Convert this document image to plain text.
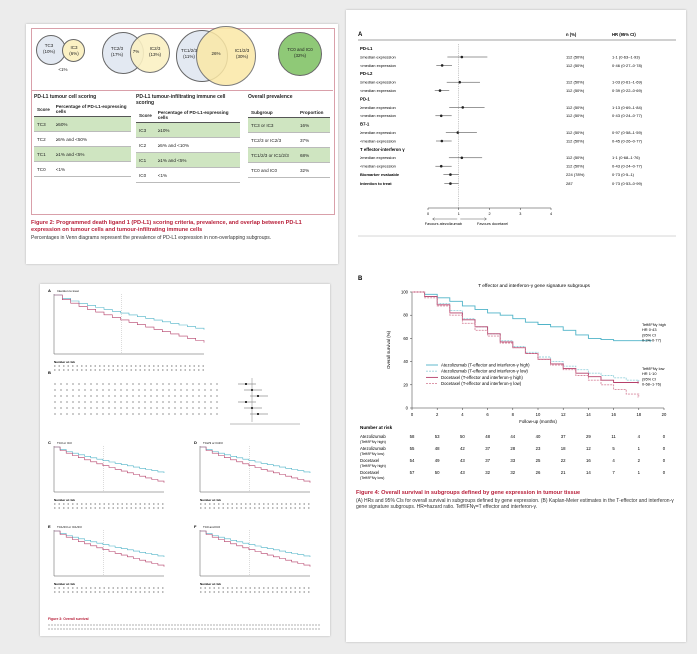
TC3
(10%)
IC3
(6%)
<1%
TC2/3
(17%)	7%
IC2/3
(13%)
TC1/2/3
(11%)	26%
IC1/2/3
(30%)
TC0 and IC0
(32%)
PD-L1 tumour cell scoring
Score	Percentage of PD-L1-expressing cells
TC3	≥50%
TC2	≥5% and <50%
TC1	≥1% and <5%
TC0	<1%
PD-L1 tumour-infiltrating immune cell scoring
Score	Percentage of PD-L1-expressing cells
IC3	≥10%
IC2	≥5% and <10%
IC1	≥1% and <5%
IC0	<1%
Overall prevalence
Subgroup	Proportion
TC3 or IC3	16%
TC2/3 or IC2/3	37%
TC1/2/3 or IC1/2/3	68%
TC0 and IC0	32%
Figure 2: Programmed death ligand 1 (PD-L1) scoring criteria, prevalence, and overlap between PD-L1 expression on tumour cells and tumour-infiltrating immune cells
Percentages in Venn diagrams represent the prevalence of PD-L1 expression in non-overlapping subgroups.
A Intention to treat
Number at risk
C TC3 or IC3
Number at risk
D TC2/3 or IC2/3
Number at risk
E TC1/2/3 or IC1/2/3
Number at risk
F TC0 and IC0
Number at risk
B
Figure 3: Overall survival
A	n (%)	HR (95% CI)
PD-L1
≥median expression	112 (50%)	1·1 (0·63–1·93)
<median expression	112 (50%)	0·46 (0·27–0·78)
PD-L2
≥median expression	112 (50%)	1·03 (0·61–1·69)
<median expression	112 (50%)	0·39 (0·22–0·69)
PD-1
≥median expression	112 (50%)	1·13 (0·69–1·84)
<median expression	112 (50%)	0·43 (0·24–0·77)
B7-1
≥median expression	112 (50%)	0·97 (0·58–1·59)
<median expression	112 (50%)	0·45 (0·26–0·77)
T effector-interferon γ
≥median expression	112 (50%)	1·1 (0·68–1·76)
<median expression	112 (50%)	0·43 (0·24–0·77)
Biomarker evaluable	224 (78%)	0·73 (0·5–1)
Intention to treat	287	0·73 (0·53–0·99)
0	1	2	3	4
Favours atezolizumab	Favours docetaxel
B
T effector and interferon-γ gene signature subgroups
100
80
60
40
20
0
0	2	4	6	8	10	12	14	16	18	20
Overall survival (%)
Follow-up (months)
Atezolizumab (T-effector and interferon-γ high)
Atezolizumab (T-effector and interferon-γ low)
Docetaxel (T-effector and interferon-γ high)
Docetaxel (T-effector and interferon-γ low)
Teff/IFNγ high
HR 0·43
(95% CI
0·24–0·77)
Teff/IFNγ low
HR 1·10
(95% CI
0·68–1·76)
Number at risk
Atezolizumab
(Teff/IFNγ high)
58	53	50	48	44	40	37	29	11	4	0
Atezolizumab
(Teff/IFNγ low)
55	48	42	37	28	23	18	12	5	1	0
Docetaxel
(Teff/IFNγ high)
54	49	43	37	33	25	22	16	4	2	0
Docetaxel
(Teff/IFNγ low)
57	50	43	32	32	26	21	14	7	1	0
Figure 4: Overall survival in subgroups defined by gene expression in tumour tissue
(A) HRs and 95% CIs for overall survival in subgroups defined by gene expression. (B) Kaplan-Meier estimates in the T-effector and interferon-γ gene signature subgroups. HR=hazard ratio. Teff/IFNγ=T effector and interferon-γ.
